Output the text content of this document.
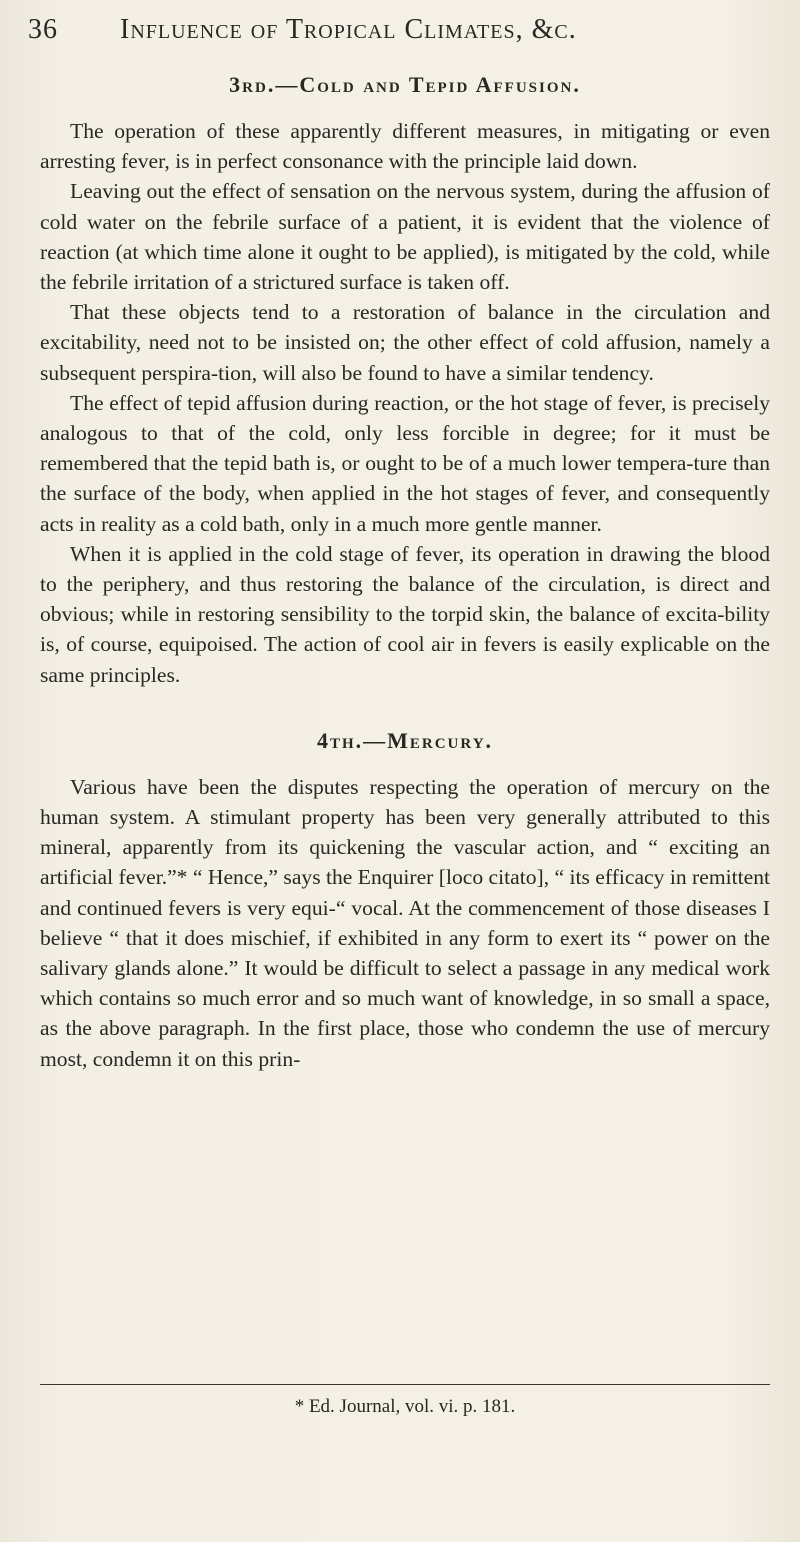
36 Influence of Tropical Climates, &c.
3rd.—Cold and Tepid Affusion.

The operation of these apparently different measures, in mitigating or even arresting fever, is in perfect consonance with the principle laid down.

Leaving out the effect of sensation on the nervous system, during the affusion of cold water on the febrile surface of a patient, it is evident that the violence of reaction (at which time alone it ought to be applied), is mitigated by the cold, while the febrile irritation of a strictured surface is taken off.

That these objects tend to a restoration of balance in the circulation and excitability, need not to be insisted on; the other effect of cold affusion, namely a subsequent perspira-tion, will also be found to have a similar tendency.

The effect of tepid affusion during reaction, or the hot stage of fever, is precisely analogous to that of the cold, only less forcible in degree; for it must be remembered that the tepid bath is, or ought to be of a much lower tempera-ture than the surface of the body, when applied in the hot stages of fever, and consequently acts in reality as a cold bath, only in a much more gentle manner.

When it is applied in the cold stage of fever, its operation in drawing the blood to the periphery, and thus restoring the balance of the circulation, is direct and obvious; while in restoring sensibility to the torpid skin, the balance of excita-bility is, of course, equipoised. The action of cool air in fevers is easily explicable on the same principles.

4th.—Mercury.

Various have been the disputes respecting the operation of mercury on the human system. A stimulant property has been very generally attributed to this mineral, apparently from its quickening the vascular action, and “ exciting an artificial fever.”* “ Hence,” says the Enquirer [loco citato], “ its efficacy in remittent and continued fevers is very equi-“ vocal. At the commencement of those diseases I believe “ that it does mischief, if exhibited in any form to exert its “ power on the salivary glands alone.” It would be difficult to select a passage in any medical work which contains so much error and so much want of knowledge, in so small a space, as the above paragraph. In the first place, those who condemn the use of mercury most, condemn it on this prin-

* Ed. Journal, vol. vi. p. 181.
